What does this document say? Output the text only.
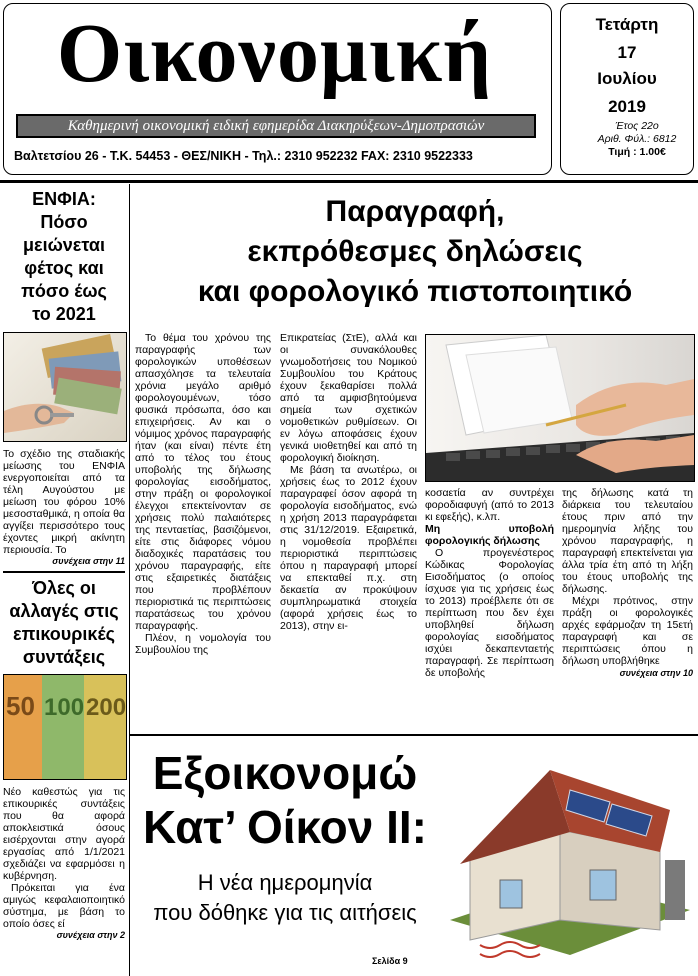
Οικονομική
Καθημερινή οικονομική ειδική εφημερίδα Διακηρύξεων-Δημοπρασιών
Βαλτετσίου 26 - Τ.Κ. 54453 - ΘΕΣ/ΝΙΚΗ - Τηλ.: 2310 952232 FAX: 2310 9522333
Τετάρτη
17
Ιουλίου
2019
Έτος 22ο
Αριθ. Φύλ.: 6812
Τιμή : 1.00€
ΕΝΦΙΑ:
Πόσο
μειώνεται
φέτος και
πόσο έως
το 2021
Το σχέδιο της σταδιακής μείωσης του ΕΝΦΙΑ ενεργοποιείται από τα τέλη Αυγούστου με μείωση του φόρου 10% μεσοσταθμικά, η οποία θα αγγίξει περισσότερο τους έχοντες μικρή ακίνητη περιουσία. Το
συνέχεια στην 11
Όλες οι
αλλαγές στις
επικουρικές
συντάξεις
50 100 200
Νέο καθεστώς για τις επικουρικές συντάξεις που θα αφορά αποκλειστικά όσους εισέρχονται στην αγορά εργασίας από 1/1/2021 σχεδιάζει να εφαρμόσει η κυβέρνηση.
Πρόκειται για ένα αμιγώς κεφαλαιοποιητικό σύστημα, με βάση το οποίο όσες εί
συνέχεια στην 2
Παραγραφή,
εκπρόθεσμες δηλώσεις
και φορολογικό πιστοποιητικό
Το θέμα του χρόνου της παραγραφής των φορολογικών υποθέσεων απασχόλησε τα τελευταία χρόνια μεγάλο αριθμό φορολογουμένων, τόσο φυσικά πρόσωπα, όσο και επιχειρήσεις. Αν και ο νόμιμος χρόνος παραγραφής ήταν (και είναι) πέντε έτη από το τέλος του έτους υποβολής της δήλωσης φορολογίας εισοδήματος, στην πράξη οι φορολογικοί έλεγχοι επεκτείνονταν σε χρήσεις πολύ παλαιότερες της πενταετίας, βασιζόμενοι, είτε στις διάφορες νόμου διαδοχικές παρατάσεις του χρόνου παραγραφής, είτε στις εξαιρετικές διατάξεις που προβλέπουν περιοριστικά τις περιπτώσεις παρατάσεως του χρόνου παραγραφής.
Πλέον, η νομολογία του Συμβουλίου της
Επικρατείας (ΣτΕ), αλλά και οι συνακόλουθες γνωμοδοτήσεις του Νομικού Συμβουλίου του Κράτους έχουν ξεκαθαρίσει πολλά από τα αμφισβητούμενα σημεία των σχετικών νομοθετικών ρυθμίσεων. Οι εν λόγω αποφάσεις έχουν γενικά υιοθετηθεί και από τη φορολογική διοίκηση.
Με βάση τα ανωτέρω, οι χρήσεις έως το 2012 έχουν παραγραφεί όσον αφορά τη φορολογία εισοδήματος, ενώ η χρήση 2013 παραγράφεται στις 31/12/2019. Εξαιρετικά, η νομοθεσία προβλέπει περιοριστικά περιπτώσεις όπου η παραγραφή μπορεί να επεκταθεί π.χ. στη δεκαετία αν προκύψουν συμπληρωματικά στοιχεία (αφορά χρήσεις έως το 2013), στην ει-
κοσαετία αν συντρέχει φοροδιαφυγή (από το 2013 κι εφεξής), κ.λπ.
Μη υποβολή φορολογικής δήλωσης
Ο προγενέστερος Κώδικας Φορολογίας Εισοδήματος (ο οποίος ίσχυσε για τις χρήσεις έως το 2013) προέβλεπε ότι σε περίπτωση που δεν έχει υποβληθεί δήλωση φορολογίας εισοδήματος ισχύει δεκαπενταετής παραγραφή. Σε περίπτωση δε υποβολής
της δήλωσης κατά τη διάρκεια του τελευταίου έτους πριν από την ημερομηνία λήξης του χρόνου παραγραφής, η παραγραφή επεκτείνεται για άλλα τρία έτη από τη λήξη του έτους υποβολής της δήλωσης.
Μέχρι πρότινος, στην πράξη οι φορολογικές αρχές εφάρμοζαν τη 15ετή παραγραφή και σε περιπτώσεις όπου η δήλωση υποβλήθηκε
συνέχεια στην 10
Εξοικονομώ
Κατ’ Οίκον ΙΙ:
Η νέα ημερομηνία
που δόθηκε για τις αιτήσεις
Σελίδα 9
